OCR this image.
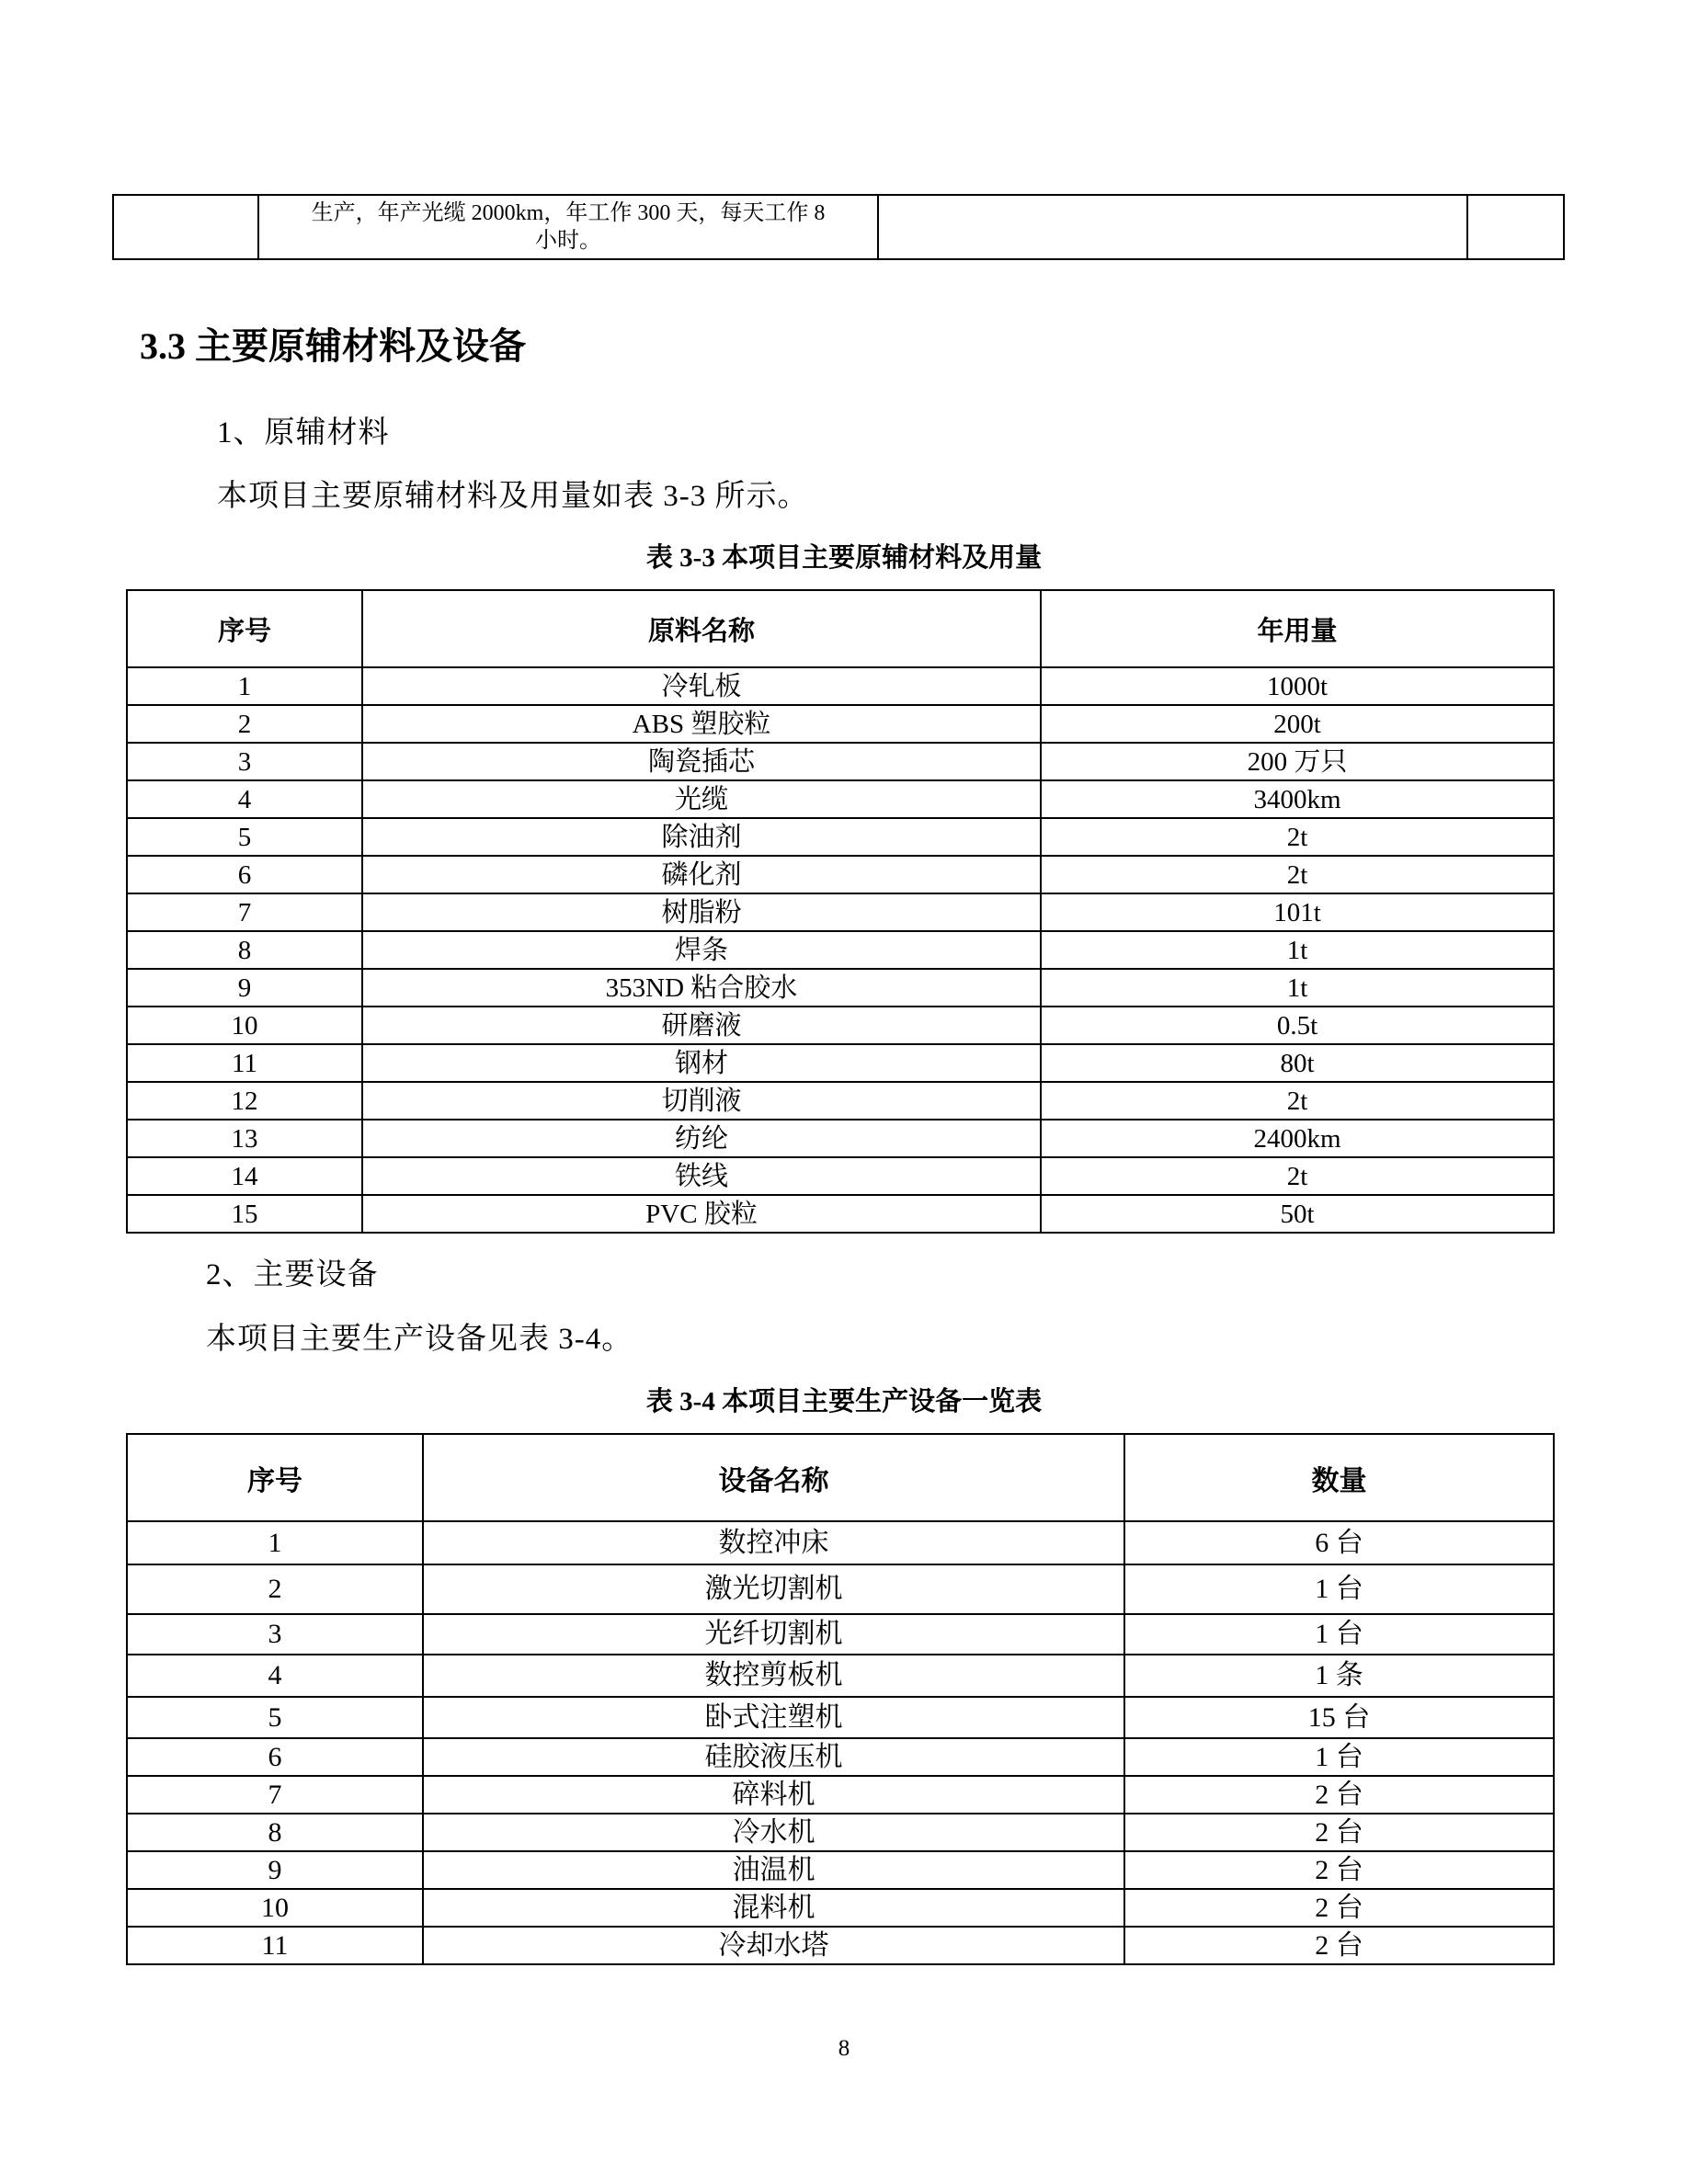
生产，年产光缆 2000km，年工作 300 天，每天工作 8
小时。

3.3 主要原辅材料及设备

1、原辅材料

本项目主要原辅材料及用量如表 3-3 所示。

表 3-3 本项目主要原辅材料及用量

序号	原料名称	年用量
1	冷轧板	1000t
2	ABS 塑胶粒	200t
3	陶瓷插芯	200 万只
4	光缆	3400km
5	除油剂	2t
6	磷化剂	2t
7	树脂粉	101t
8	焊条	1t
9	353ND 粘合胶水	1t
10	研磨液	0.5t
11	钢材	80t
12	切削液	2t
13	纺纶	2400km
14	铁线	2t
15	PVC 胶粒	50t

2、主要设备

本项目主要生产设备见表 3-4。

表 3-4 本项目主要生产设备一览表

序号	设备名称	数量
1	数控冲床	6 台
2	激光切割机	1 台
3	光纤切割机	1 台
4	数控剪板机	1 条
5	卧式注塑机	15 台
6	硅胶液压机	1 台
7	碎料机	2 台
8	冷水机	2 台
9	油温机	2 台
10	混料机	2 台
11	冷却水塔	2 台
8
